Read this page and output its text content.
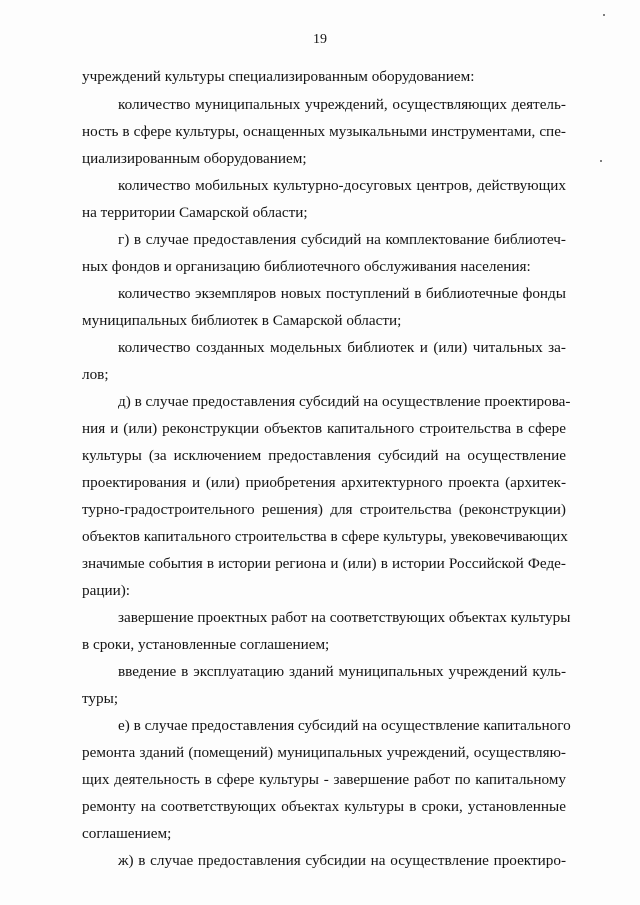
19
учреждений культуры специализированным оборудованием:
количество муниципальных учреждений, осуществляющих деятель-
ность в сфере культуры, оснащенных музыкальными инструментами, спе-
циализированным оборудованием;
количество мобильных культурно-досуговых центров, действующих
на территории Самарской области;
г) в случае предоставления субсидий на комплектование библиотеч-
ных фондов и организацию библиотечного обслуживания населения:
количество экземпляров новых поступлений в библиотечные фонды
муниципальных библиотек в Самарской области;
количество созданных модельных библиотек и (или) читальных за-
лов;
д) в случае предоставления субсидий на осуществление проектирова-
ния и (или) реконструкции объектов капитального строительства в сфере
культуры (за исключением предоставления субсидий на осуществление
проектирования и (или) приобретения архитектурного проекта (архитек-
турно-градостроительного решения) для строительства (реконструкции)
объектов капитального строительства в сфере культуры, увековечивающих
значимые события в истории региона и (или) в истории Российской Феде-
рации):
завершение проектных работ на соответствующих объектах культуры
в сроки, установленные соглашением;
введение в эксплуатацию зданий муниципальных учреждений куль-
туры;
е) в случае предоставления субсидий на осуществление капитального
ремонта зданий (помещений) муниципальных учреждений, осуществляю-
щих деятельность в сфере культуры - завершение работ по капитальному
ремонту на соответствующих объектах культуры в сроки, установленные
соглашением;
ж) в случае предоставления субсидии на осуществление проектиро-
